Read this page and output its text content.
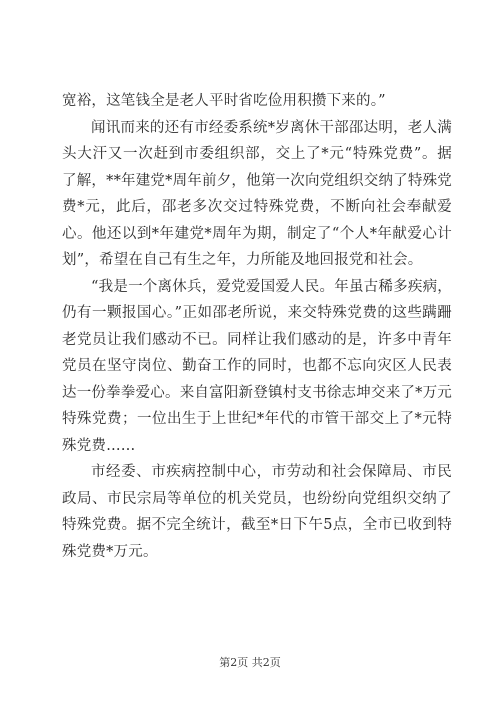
宽裕，这笔钱全是老人平时省吃俭用积攒下来的。”

闻讯而来的还有市经委系统*岁离休干部邵达明，老人满头大汗又一次赶到市委组织部，交上了*元“特殊党费”。据了解，**年建党*周年前夕，他第一次向党组织交纳了特殊党费*元，此后，邵老多次交过特殊党费，不断向社会奉献爱心。他还以到*年建党*周年为期，制定了“个人*年献爱心计划”，希望在自己有生之年，力所能及地回报党和社会。

“我是一个离休兵，爱党爱国爱人民。年虽古稀多疾病，仍有一颗报国心。”正如邵老所说，来交特殊党费的这些蹒跚老党员让我们感动不已。同样让我们感动的是，许多中青年党员在坚守岗位、勤奋工作的同时，也都不忘向灾区人民表达一份拳拳爱心。来自富阳新登镇村支书徐志坤交来了*万元特殊党费；一位出生于上世纪*年代的市管干部交上了*元特殊党费……

市经委、市疾病控制中心，市劳动和社会保障局、市民政局、市民宗局等单位的机关党员，也纷纷向党组织交纳了特殊党费。据不完全统计，截至*日下午5点，全市已收到特殊党费*万元。

第2页 共2页
